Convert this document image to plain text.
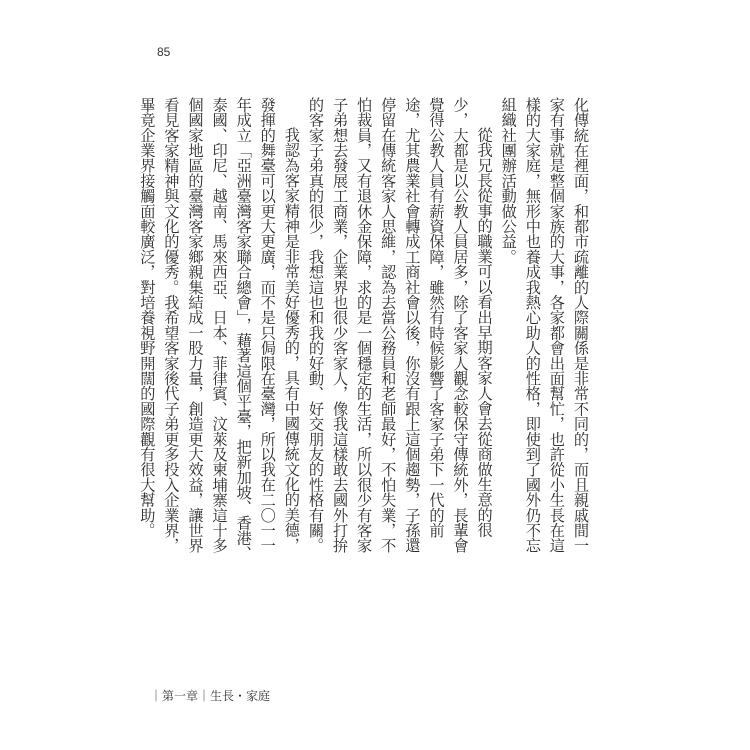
85

化傳統在裡面，和都市疏離的人際關係是非常不同的，而且親戚間一家有事就是整個家族的大事，各家都會出面幫忙，也許從小生長在這樣的大家庭，無形中也養成我熱心助人的性格，即使到了國外仍不忘組織社團辦活動做公益。

從我兄長從事的職業可以看出早期客家人會去從商做生意的很少，大都是以公教人員居多，除了客家人觀念較保守傳統外，長輩會覺得公教人員有薪資保障，雖然有時候影響了客家子弟下一代的前途，尤其農業社會轉成工商社會以後，你沒有跟上這個趨勢，子孫還停留在傳統客家人思維，認為去當公務員和老師最好，不怕失業，不怕裁員，又有退休金保障，求的是一個穩定的生活，所以很少有客家子弟想去發展工商業，企業界也很少客家人，像我這樣敢去國外打拚的客家子弟真的很少，我想這也和我的好動、好交朋友的性格有關。

我認為客家精神是非常美好優秀的，具有中國傳統文化的美德，發揮的舞臺可以更大更廣，而不是只侷限在臺灣，所以我在二〇一一年成立「亞洲臺灣客家聯合總會」，藉著這個平臺，把新加坡、香港、泰國、印尼、越南、馬來西亞、日本、菲律賓、汶萊及柬埔寨這十多個國家地區的臺灣客家鄉親集結成一股力量，創造更大效益，讓世界看見客家精神與文化的優秀。我希望客家後代子弟更多投入企業界，畢竟企業界接觸面較廣泛，對培養視野開闊的國際觀有很大幫助。

｜第一章｜生長・家庭
